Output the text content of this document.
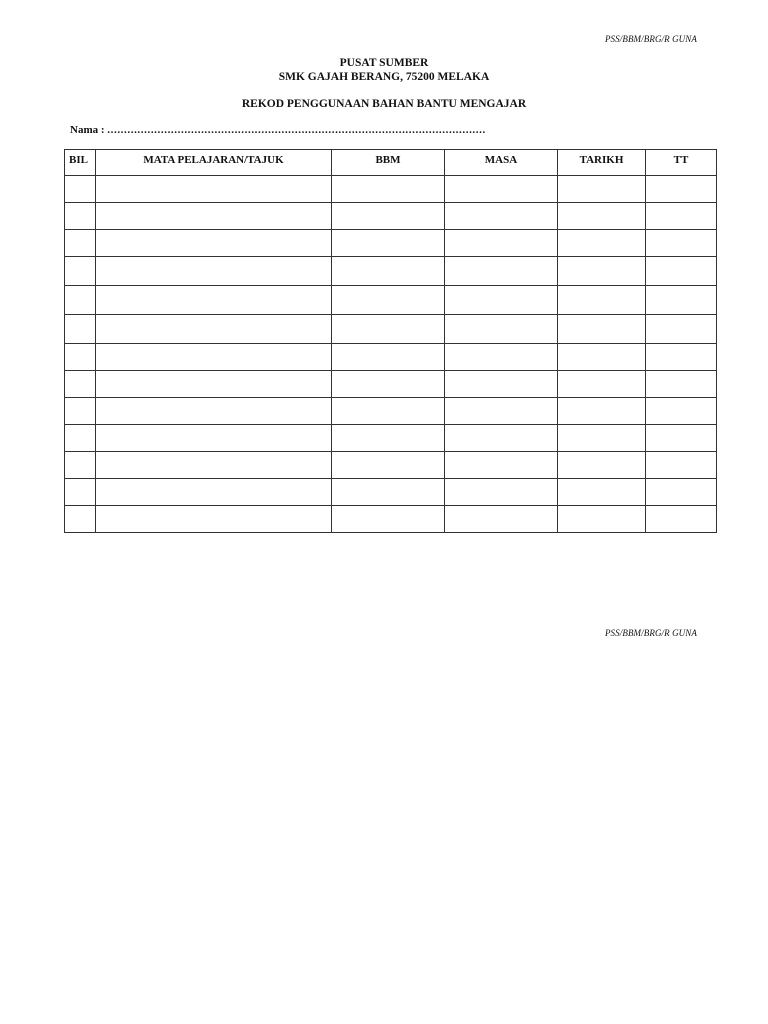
PSS/BBM/BRG/R GUNA
PUSAT SUMBER
SMK GAJAH BERANG, 75200 MELAKA
REKOD PENGGUNAAN BAHAN BANTU MENGAJAR
Nama : .................................................................................................................
BIL	MATA PELAJARAN/TAJUK	BBM	MASA	TARIKH	TT

PSS/BBM/BRG/R GUNA
